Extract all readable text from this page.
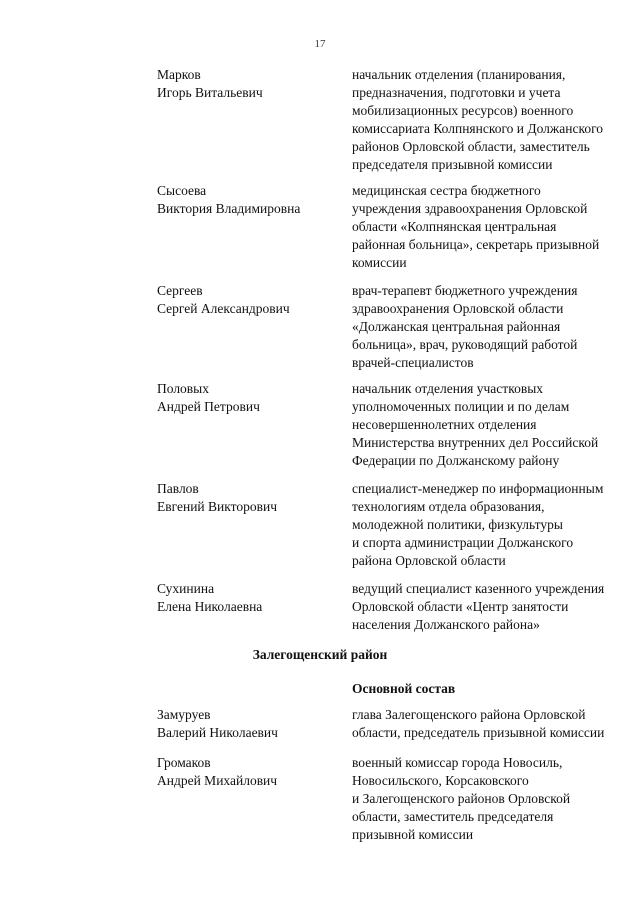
17
Марков
Игорь Витальевич
начальник отделения (планирования,
предназначения, подготовки и учета
мобилизационных ресурсов) военного
комиссариата Колпнянского и Должанского
районов Орловской области, заместитель
председателя призывной комиссии
Сысоева
Виктория Владимировна
медицинская сестра бюджетного
учреждения здравоохранения Орловской
области «Колпнянская центральная
районная больница», секретарь призывной
комиссии
Сергеев
Сергей Александрович
врач-терапевт бюджетного учреждения
здравоохранения Орловской области
«Должанская центральная районная
больница», врач, руководящий работой
врачей-специалистов
Половых
Андрей Петрович
начальник отделения участковых
уполномоченных полиции и по делам
несовершеннолетних отделения
Министерства внутренних дел Российской
Федерации по Должанскому району
Павлов
Евгений Викторович
специалист-менеджер по информационным
технологиям отдела образования,
молодежной политики, физкультуры
и спорта администрации Должанского
района Орловской области
Сухинина
Елена Николаевна
ведущий специалист казенного учреждения
Орловской области «Центр занятости
населения Должанского района»
Залегощенский район
Основной состав
Замуруев
Валерий Николаевич
глава Залегощенского района Орловской
области, председатель призывной комиссии
Громаков
Андрей Михайлович
военный комиссар города Новосиль,
Новосильского, Корсаковского
и Залегощенского районов Орловской
области, заместитель председателя
призывной комиссии
